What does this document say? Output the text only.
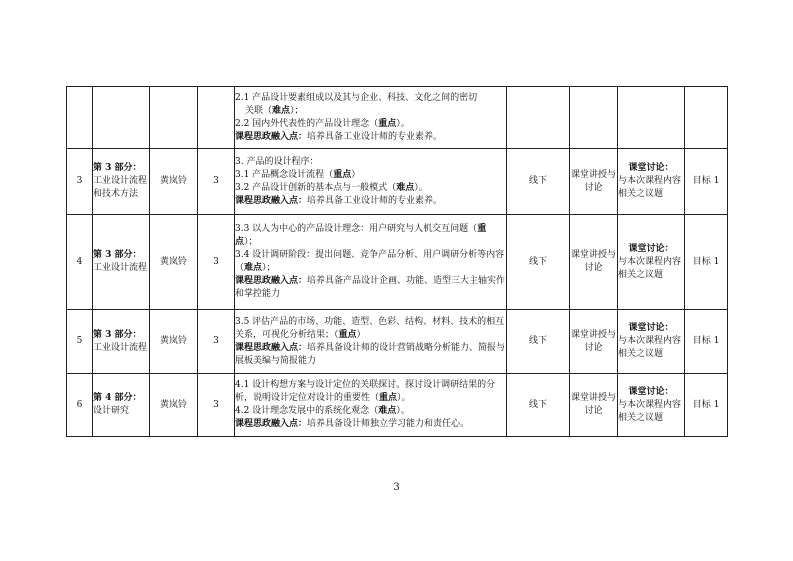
				2.1 产品设计要素组成以及其与企业、科技、文化之间的密切
关联（难点）；
2.2 国内外代表性的产品设计理念（重点）。
课程思政融入点：培养具备工业设计师的专业素养。				

3	第 3 部分：
工业设计流程和技术方法	黄岚铃	3	3. 产品的设计程序：
3.1 产品概念设计流程（重点）
3.2 产品设计创新的基本点与一般模式（难点）。
课程思政融入点：培养具备工业设计师的专业素养。	线下	课堂讲授与讨论	课堂讨论：
与本次课程内容相关之议题	目标 1
4	第 3 部分：
工业设计流程	黄岚铃	3	3.3 以人为中心的产品设计理念：用户研究与人机交互问题（重点）；
3.4 设计调研阶段：提出问题、竞争产品分析、用户调研分析等内容（难点）；
课程思政融入点：培养具备产品设计企画、功能、造型三大主轴实作和掌控能力	线下	课堂讲授与讨论	课堂讨论：
与本次课程内容相关之议题	目标 1
5	第 3 部分：
工业设计流程	黄岚铃	3	3.5 评估产品的市场、功能、造型、色彩、结构、材料、技术的相互关系，可视化分析结果；（重点）
课程思政融入点：培养具备设计师的设计营销战略分析能力、简报与展板美编与简报能力	线下	课堂讲授与讨论	课堂讨论：
与本次课程内容相关之议题	目标 1
6	第 4 部分：
设计研究	黄岚铃	3	4.1 设计构想方案与设计定位的关联探讨。探讨设计调研结果的分析，说明设计定位对设计的重要性（重点）。
4.2 设计理念发展中的系统化观念（难点）。
课程思政融入点：培养具备设计师独立学习能力和责任心。	线下	课堂讲授与讨论	课堂讨论：
与本次课程内容相关之议题	目标 1
3
